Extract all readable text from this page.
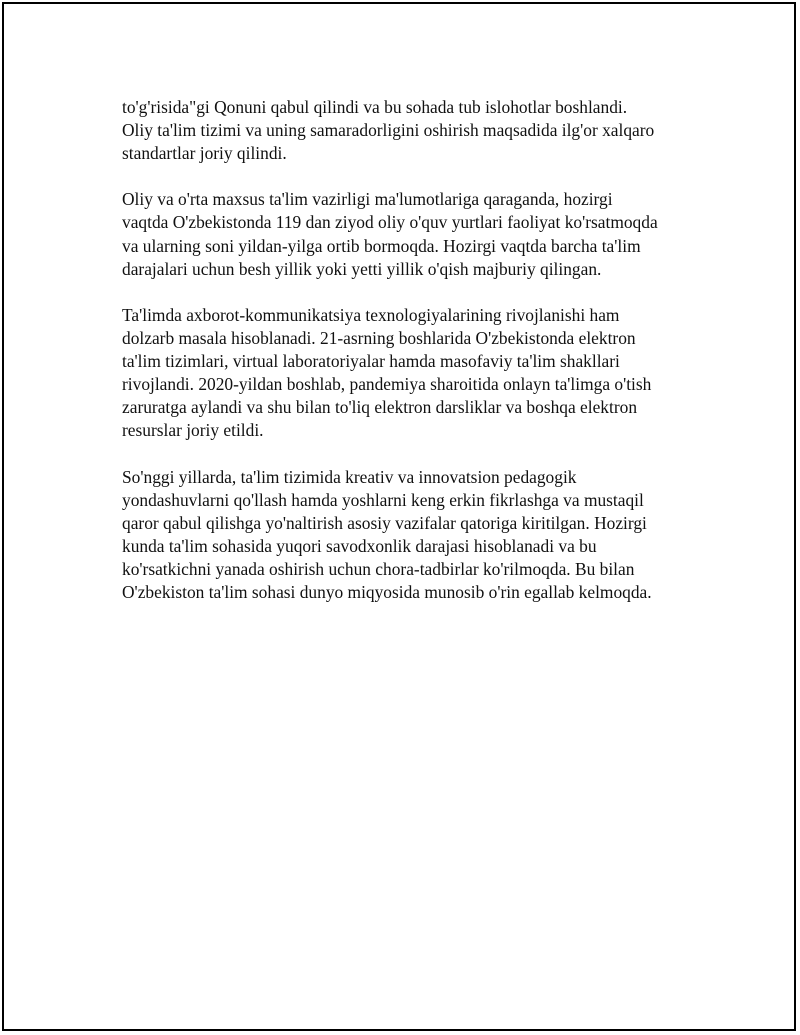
to'g'risida"gi Qonuni qabul qilindi va bu sohada tub islohotlar boshlandi.
Oliy ta'lim tizimi va uning samaradorligini oshirish maqsadida ilg'or xalqaro
standartlar joriy qilindi.

Oliy va o'rta maxsus ta'lim vazirligi ma'lumotlariga qaraganda, hozirgi
vaqtda O'zbekistonda 119 dan ziyod oliy o'quv yurtlari faoliyat ko'rsatmoqda
va ularning soni yildan-yilga ortib bormoqda. Hozirgi vaqtda barcha ta'lim
darajalari uchun besh yillik yoki yetti yillik o'qish majburiy qilingan.

Ta'limda axborot-kommunikatsiya texnologiyalarining rivojlanishi ham
dolzarb masala hisoblanadi. 21-asrning boshlarida O'zbekistonda elektron
ta'lim tizimlari, virtual laboratoriyalar hamda masofaviy ta'lim shakllari
rivojlandi. 2020-yildan boshlab, pandemiya sharoitida onlayn ta'limga o'tish
zaruratga aylandi va shu bilan to'liq elektron darsliklar va boshqa elektron
resurslar joriy etildi.

So'nggi yillarda, ta'lim tizimida kreativ va innovatsion pedagogik
yondashuvlarni qo'llash hamda yoshlarni keng erkin fikrlashga va mustaqil
qaror qabul qilishga yo'naltirish asosiy vazifalar qatoriga kiritilgan. Hozirgi
kunda ta'lim sohasida yuqori savodxonlik darajasi hisoblanadi va bu
ko'rsatkichni yanada oshirish uchun chora-tadbirlar ko'rilmoqda. Bu bilan
O'zbekiston ta'lim sohasi dunyo miqyosida munosib o'rin egallab kelmoqda.
